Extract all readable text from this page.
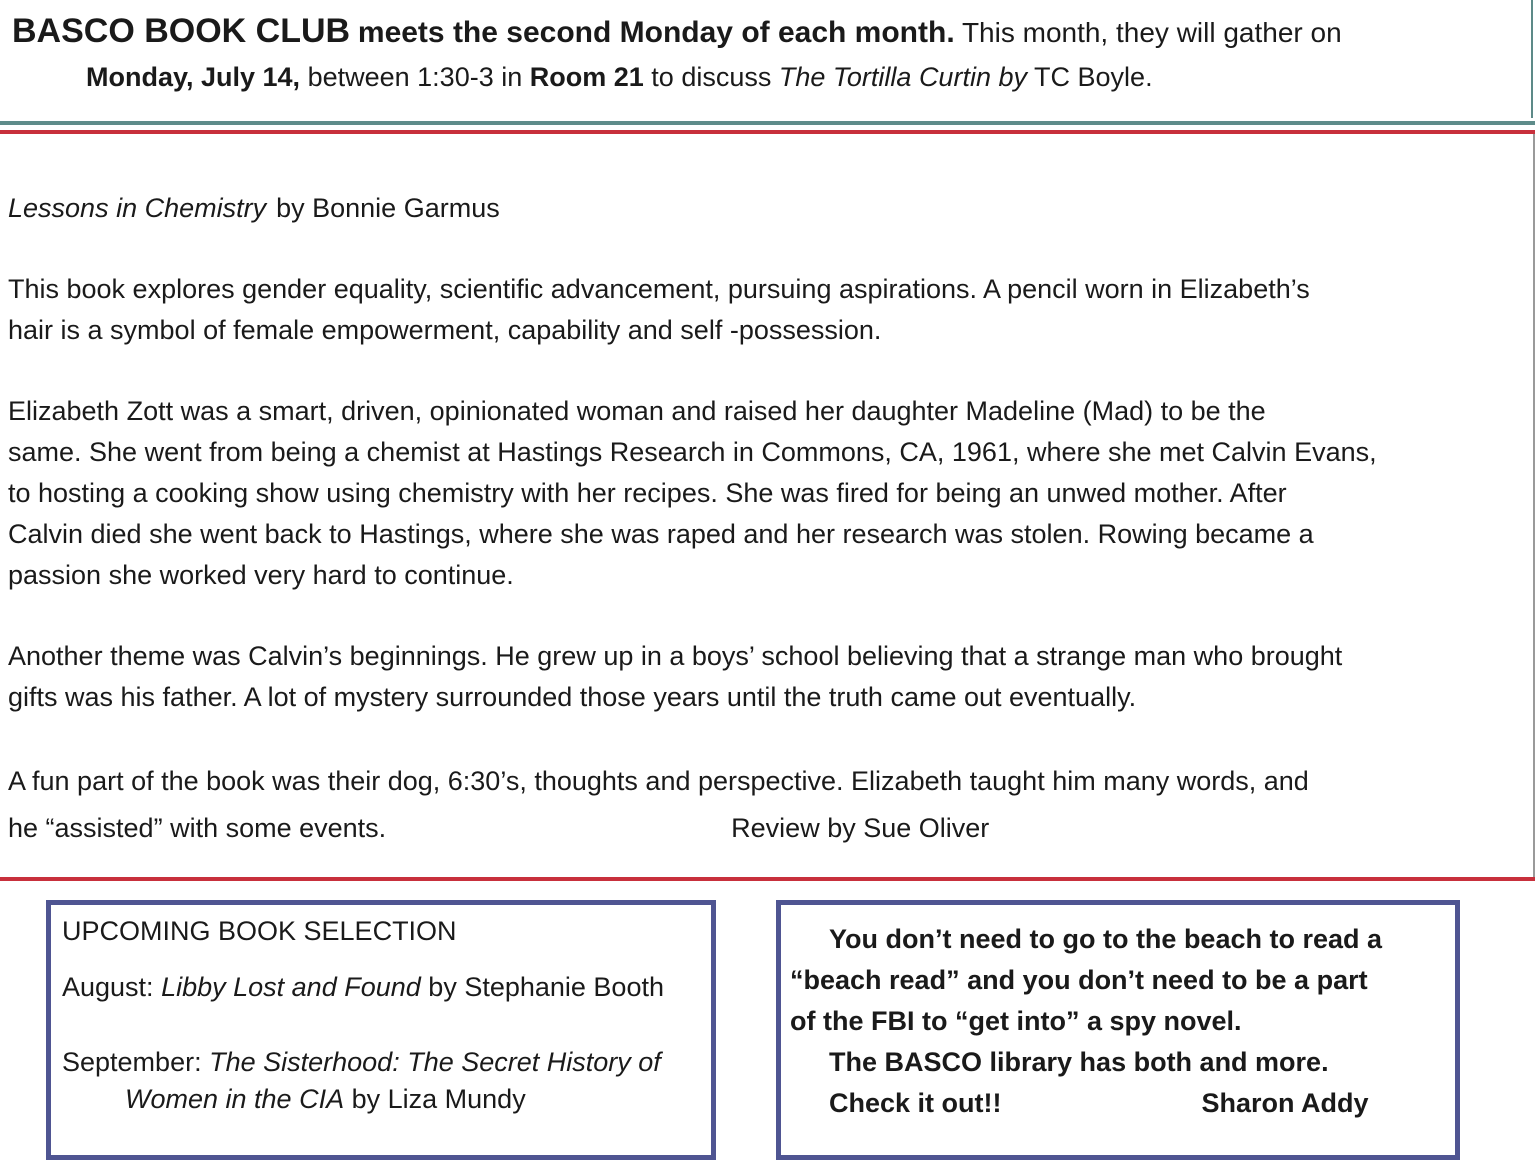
BASCO BOOK CLUB meets the second Monday of each month. This month, they will gather on
Monday, July 14, between 1:30-3 in Room 21 to discuss The Tortilla Curtin by TC Boyle.

Lessons in Chemistry by Bonnie Garmus

This book explores gender equality, scientific advancement, pursuing aspirations. A pencil worn in Elizabeth’s
hair is a symbol of female empowerment, capability and self -possession.

Elizabeth Zott was a smart, driven, opinionated woman and raised her daughter Madeline (Mad) to be the
same. She went from being a chemist at Hastings Research in Commons, CA, 1961, where she met Calvin Evans,
to hosting a cooking show using chemistry with her recipes. She was fired for being an unwed mother. After
Calvin died she went back to Hastings, where she was raped and her research was stolen. Rowing became a
passion she worked very hard to continue.

Another theme was Calvin’s beginnings. He grew up in a boys’ school believing that a strange man who brought
gifts was his father. A lot of mystery surrounded those years until the truth came out eventually.

A fun part of the book was their dog, 6:30’s, thoughts and perspective. Elizabeth taught him many words, and
he “assisted” with some events.	Review by Sue Oliver

UPCOMING BOOK SELECTION

August: Libby Lost and Found by Stephanie Booth

September: The Sisterhood: The Secret History of

Women in the CIA by Liza Mundy

You don’t need to go to the beach to read a
“beach read” and you don’t need to be a part
of the FBI to “get into” a spy novel.
The BASCO library has both and more.
Check it out!!	Sharon Addy
